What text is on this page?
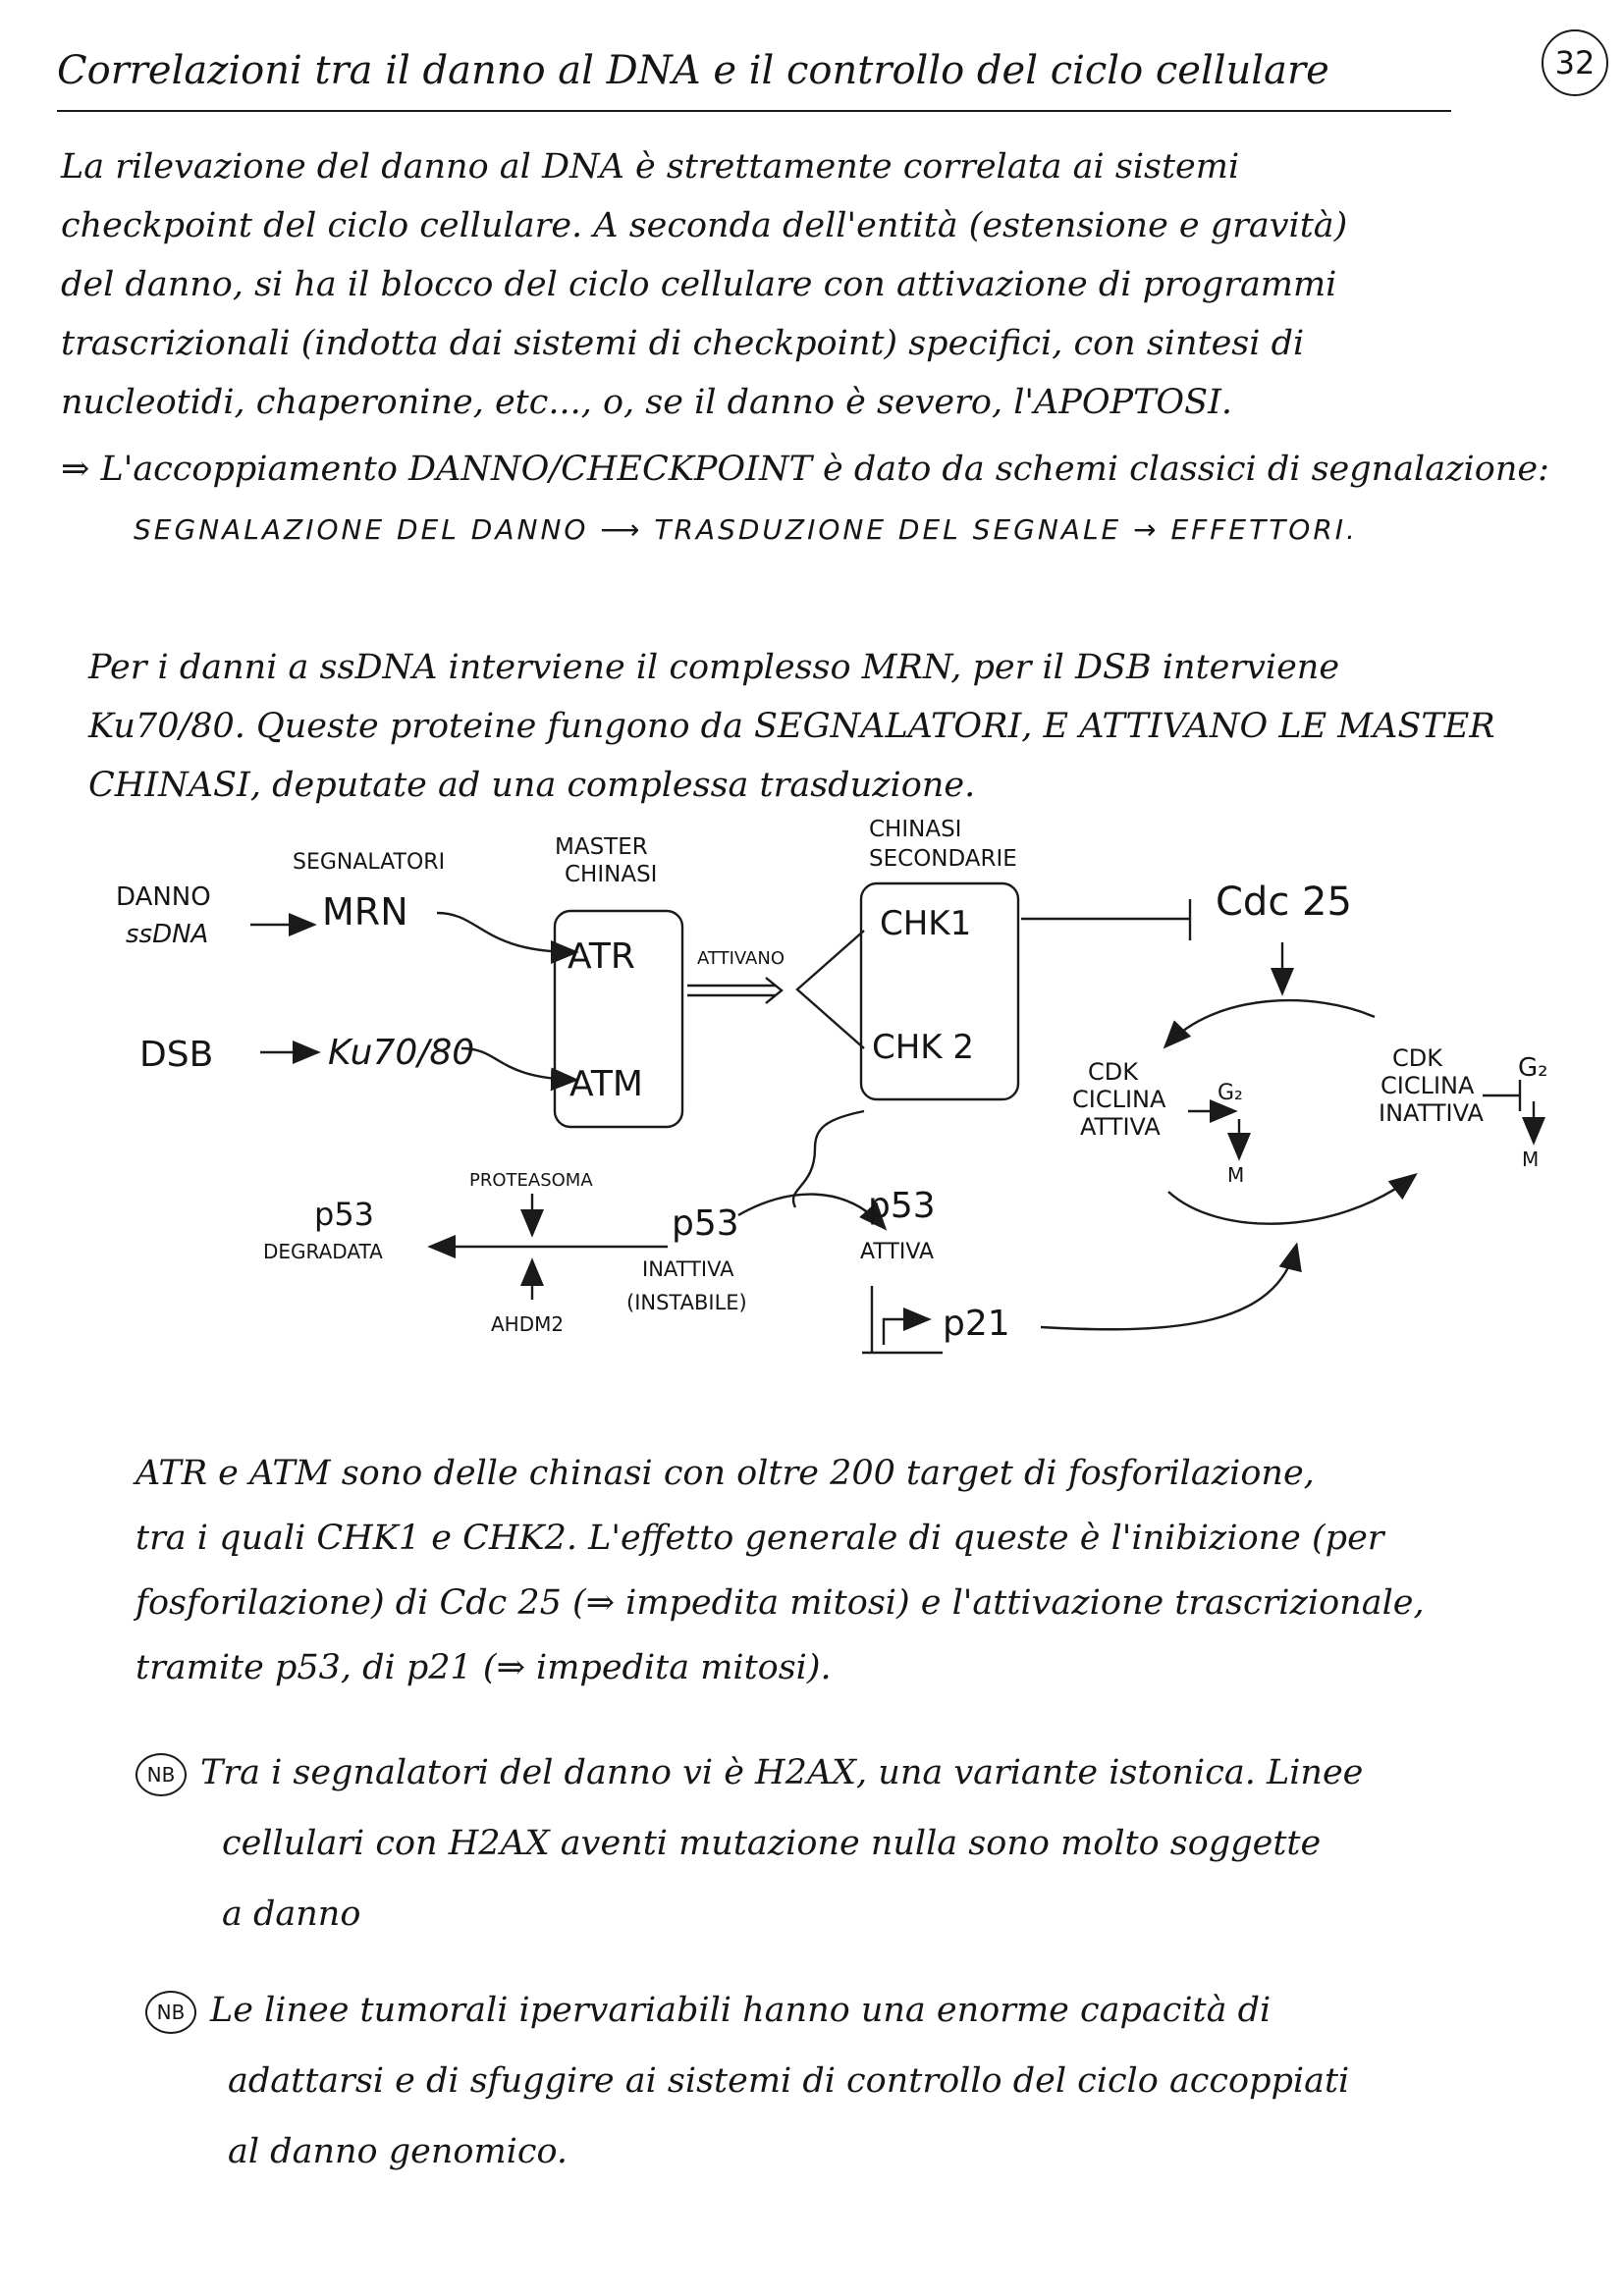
Correlazioni tra il danno al DNA e il controllo del ciclo cellulare	32
La rilevazione del danno al DNA è strettamente correlata ai sistemi
checkpoint del ciclo cellulare. A seconda dell'entità (estensione e gravità)
del danno, si ha il blocco del ciclo cellulare con attivazione di programmi
trascrizionali (indotta dai sistemi di checkpoint) specifici, con sintesi di
nucleotidi, chaperonine, etc..., o, se il danno è severo, l'APOPTOSI.
⇒ L'accoppiamento DANNO/CHECKPOINT è dato da schemi classici di segnalazione:
SEGNALAZIONE DEL DANNO ⟶ TRASDUZIONE DEL SEGNALE → EFFETTORI.
Per i danni a ssDNA interviene il complesso MRN, per il DSB interviene
Ku70/80. Queste proteine fungono da SEGNALATORI, E ATTIVANO LE MASTER
CHINASI, deputate ad una complessa trasduzione.
SEGNALATORI
MASTER
CHINASI
CHINASI
SECONDARIE
DANNO
ssDNA
DSB
MRN
Ku70/80
ATR
ATM
ATTIVANO
CHK1
CHK 2
Cdc 25
CDK
CICLINA
ATTIVA
G₂
M
CDK
CICLINA
INATTIVA
G₂
M
p53
DEGRADATA
PROTEASOMA
AHDM2
p53
INATTIVA
(INSTABILE)
p53
ATTIVA
p21
ATR e ATM sono delle chinasi con oltre 200 target di fosforilazione,
tra i quali CHK1 e CHK2. L'effetto generale di queste è l'inibizione (per
fosforilazione) di Cdc 25 (⇒ impedita mitosi) e l'attivazione trascrizionale,
tramite p53, di p21 (⇒ impedita mitosi).
NB Tra i segnalatori del danno vi è H2AX, una variante istonica. Linee
cellulari con H2AX aventi mutazione nulla sono molto soggette
a danno
NB Le linee tumorali ipervariabili hanno una enorme capacità di
adattarsi e di sfuggire ai sistemi di controllo del ciclo accoppiati
al danno genomico.
